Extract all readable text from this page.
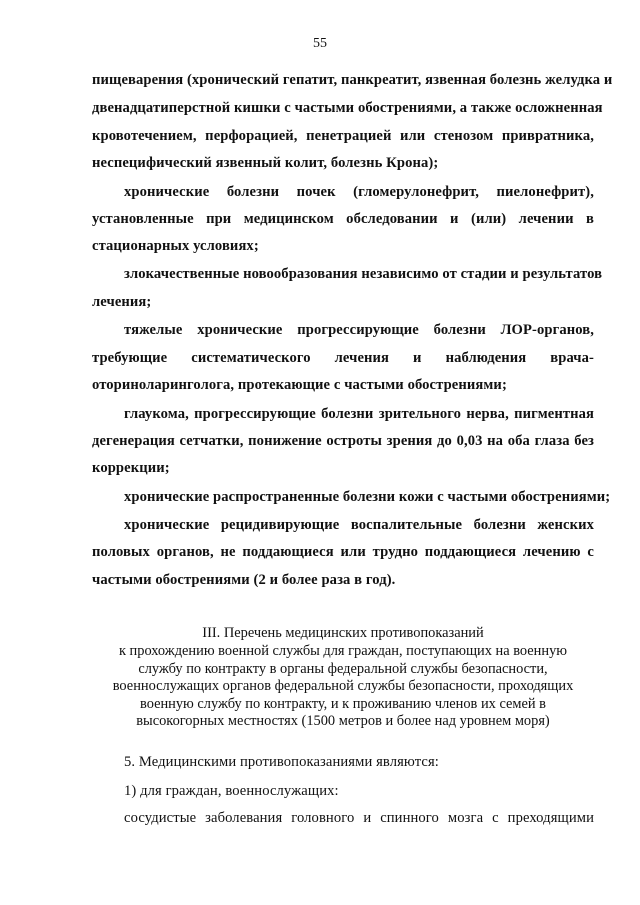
55
пищеварения (хронический гепатит, панкреатит, язвенная болезнь желудка и
двенадцатиперстной кишки с частыми обострениями, а также осложненная
кровотечением, перфорацией, пенетрацией или стенозом привратника,
неспецифический язвенный колит, болезнь Крона);
хронические болезни почек (гломерулонефрит, пиелонефрит),
установленные при медицинском обследовании и (или) лечении в
стационарных условиях;
злокачественные новообразования независимо от стадии и результатов
лечения;
тяжелые хронические прогрессирующие болезни ЛОР-органов,
требующие систематического лечения и наблюдения врача-
оториноларинголога, протекающие с частыми обострениями;
глаукома, прогрессирующие болезни зрительного нерва, пигментная
дегенерация сетчатки, понижение остроты зрения до 0,03 на оба глаза без
коррекции;
хронические распространенные болезни кожи с частыми обострениями;
хронические рецидивирующие воспалительные болезни женских
половых органов, не поддающиеся или трудно поддающиеся лечению с
частыми обострениями (2 и более раза в год).
III. Перечень медицинских противопоказаний
к прохождению военной службы для граждан, поступающих на военную
службу по контракту в органы федеральной службы безопасности,
военнослужащих органов федеральной службы безопасности, проходящих
военную службу по контракту, и к проживанию членов их семей в
высокогорных местностях (1500 метров и более над уровнем моря)
5. Медицинскими противопоказаниями являются:
1) для граждан, военнослужащих:
сосудистые заболевания головного и спинного мозга с преходящими
